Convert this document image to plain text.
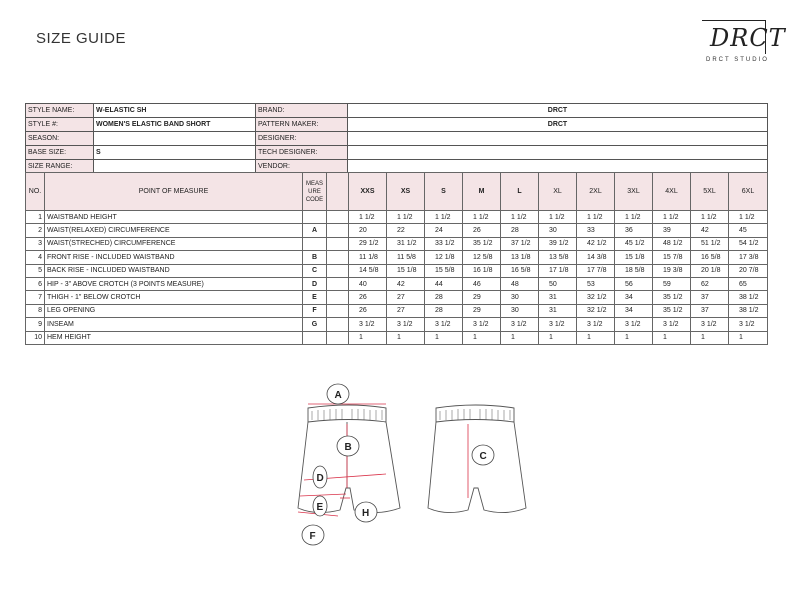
SIZE GUIDE	DRCT
DRCT STUDIO
STYLE NAME:	W-ELASTIC SH	BRAND:	DRCT
STYLE #:	WOMEN'S ELASTIC BAND SHORT	PATTERN MAKER:	DRCT
SEASON:		DESIGNER:	
BASE SIZE:	S	TECH DESIGNER:	
SIZE RANGE:		VENDOR:	
NO.	POINT OF MEASURE	MEAS
URE
CODE		XXS	XS	S	M	L	XL	2XL	3XL	4XL	5XL	6XL
1	WAISTBAND HEIGHT			1 1/2	1 1/2	1 1/2	1 1/2	1 1/2	1 1/2	1 1/2	1 1/2	1 1/2	1 1/2	1 1/2
2	WAIST(RELAXED) CIRCUMFERENCE	A		20	22	24	26	28	30	33	36	39	42	45
3	WAIST(STRECHED) CIRCUMFERENCE			29 1/2	31 1/2	33 1/2	35 1/2	37 1/2	39 1/2	42 1/2	45 1/2	48 1/2	51 1/2	54 1/2
4	FRONT RISE - INCLUDED WAISTBAND	B		11 1/8	11 5/8	12 1/8	12 5/8	13 1/8	13 5/8	14 3/8	15 1/8	15 7/8	16 5/8	17 3/8
5	BACK RISE - INCLUDED WAISTBAND	C		14 5/8	15 1/8	15 5/8	16 1/8	16 5/8	17 1/8	17 7/8	18 5/8	19 3/8	20 1/8	20 7/8
6	HIP - 3" ABOVE CROTCH (3 POINTS MEASURE)	D		40	42	44	46	48	50	53	56	59	62	65
7	THIGH - 1" BELOW CROTCH	E		26	27	28	29	30	31	32 1/2	34	35 1/2	37	38 1/2
8	LEG OPENING	F		26	27	28	29	30	31	32 1/2	34	35 1/2	37	38 1/2
9	INSEAM	G		3 1/2	3 1/2	3 1/2	3 1/2	3 1/2	3 1/2	3 1/2	3 1/2	3 1/2	3 1/2	3 1/2
10	HEM HEIGHT			1	1	1	1	1	1	1	1	1	1	1
A
B
C
D
E
F
H
